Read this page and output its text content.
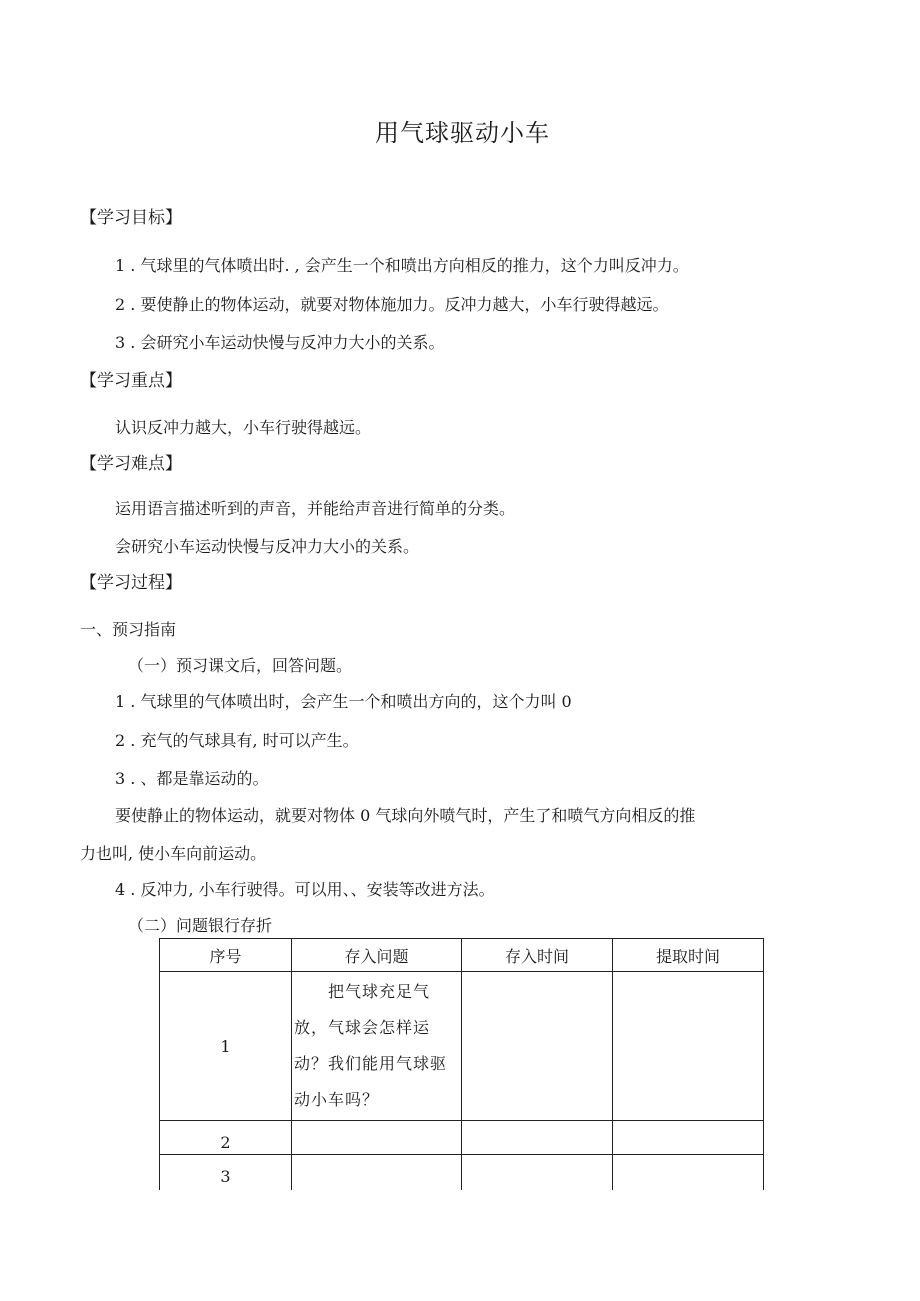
用气球驱动小车
【学习目标】
1 . 气球里的气体喷出时. , 会产生一个和喷出方向相反的推力，这个力叫反冲力。
2 . 要使静止的物体运动，就要对物体施加力。反冲力越大，小车行驶得越远。
3 . 会研究小车运动快慢与反冲力大小的关系。
【学习重点】
认识反冲力越大，小车行驶得越远。
【学习难点】
运用语言描述听到的声音，并能给声音进行简单的分类。
会研究小车运动快慢与反冲力大小的关系。
【学习过程】
一、预习指南
（一）预习课文后，回答问题。
1 . 气球里的气体喷出时，会产生一个和喷出方向的，这个力叫 0
2 . 充气的气球具有, 时可以产生。
3 . 、都是靠运动的。
要使静止的物体运动，就要对物体 0 气球向外喷气时，产生了和喷气方向相反的推
力也叫, 使小车向前运动。
4 . 反冲力, 小车行驶得。可以用、、安装等改进方法。
（二）问题银行存折
序号	存入问题	存入时间	提取时间
1	　　把气球充足气放，气球会怎样运动？我们能用气球驱动小车吗？		
2			
3			
